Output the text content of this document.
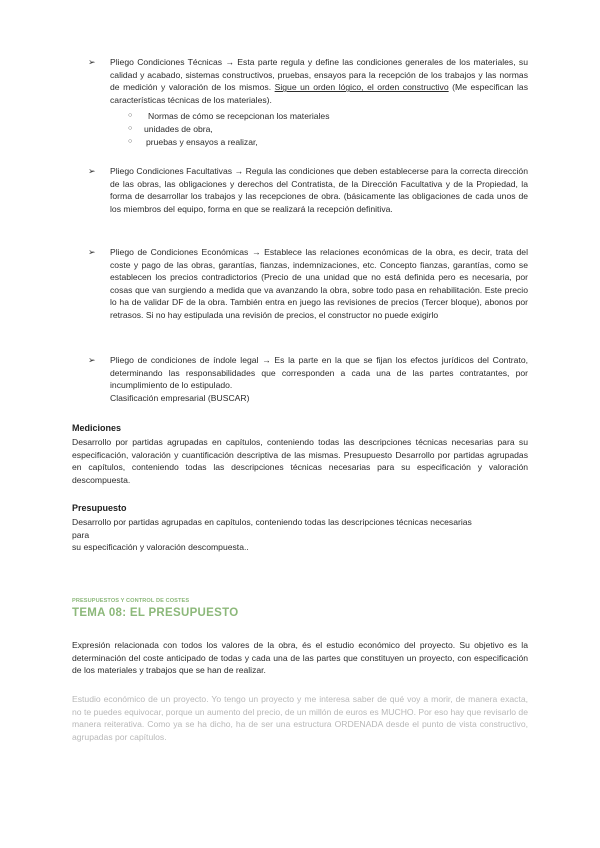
➢ Pliego Condiciones Técnicas → Esta parte regula y define las condiciones generales de los materiales, su calidad y acabado, sistemas constructivos, pruebas, ensayos para la recepción de los trabajos y las normas de medición y valoración de los mismos. Sigue un orden lógico, el orden constructivo (Me especifican las características técnicas de los materiales).
○ Normas de cómo se recepcionan los materiales
○ unidades de obra,
○ pruebas y ensayos a realizar,
➢ Pliego Condiciones Facultativas → Regula las condiciones que deben establecerse para la correcta dirección de las obras, las obligaciones y derechos del Contratista, de la Dirección Facultativa y de la Propiedad, la forma de desarrollar los trabajos y las recepciones de obra. (básicamente las obligaciones de cada unos de los miembros del equipo, forma en que se realizará la recepción definitiva.
➢ Pliego de Condiciones Económicas → Establece las relaciones económicas de la obra, es decir, trata del coste y pago de las obras, garantías, fianzas, indemnizaciones, etc. Concepto fianzas, garantías, como se establecen los precios contradictorios (Precio de una unidad que no está definida pero es necesaria, por cosas que van surgiendo a medida que va avanzando la obra, sobre todo pasa en rehabilitación. Este precio lo ha de validar DF de la obra. También entra en juego las revisiones de precios (Tercer bloque), abonos por retrasos. Si no hay estipulada una revisión de precios, el constructor no puede exigirlo
➢ Pliego de condiciones de índole legal → Es la parte en la que se fijan los efectos jurídicos del Contrato, determinando las responsabilidades que corresponden a cada una de las partes contratantes, por incumplimiento de lo estipulado.
Clasificación empresarial (BUSCAR)
Mediciones
Desarrollo por partidas agrupadas en capítulos, conteniendo todas las descripciones técnicas necesarias para su especificación, valoración y cuantificación descriptiva de las mismas. Presupuesto Desarrollo por partidas agrupadas en capítulos, conteniendo todas las descripciones técnicas necesarias para su especificación y valoración descompuesta.
Presupuesto
Desarrollo por partidas agrupadas en capítulos, conteniendo todas las descripciones técnicas necesarias
para
su especificación y valoración descompuesta..
PRESUPUESTOS Y CONTROL DE COSTES
TEMA 08: EL PRESUPUESTO
Expresión relacionada con todos los valores de la obra, és el estudio económico del proyecto. Su objetivo es la determinación del coste anticipado de todas y cada una de las partes que constituyen un proyecto, con especificación de los materiales y trabajos que se han de realizar.
Estudio económico de un proyecto. Yo tengo un proyecto y me interesa saber de qué voy a morir, de manera exacta, no te puedes equivocar, porque un aumento del precio, de un millón de euros es MUCHO. Por eso hay que revisarlo de manera reiterativa. Como ya se ha dicho, ha de ser una estructura ORDENADA desde el punto de vista constructivo, agrupadas por capítulos.
